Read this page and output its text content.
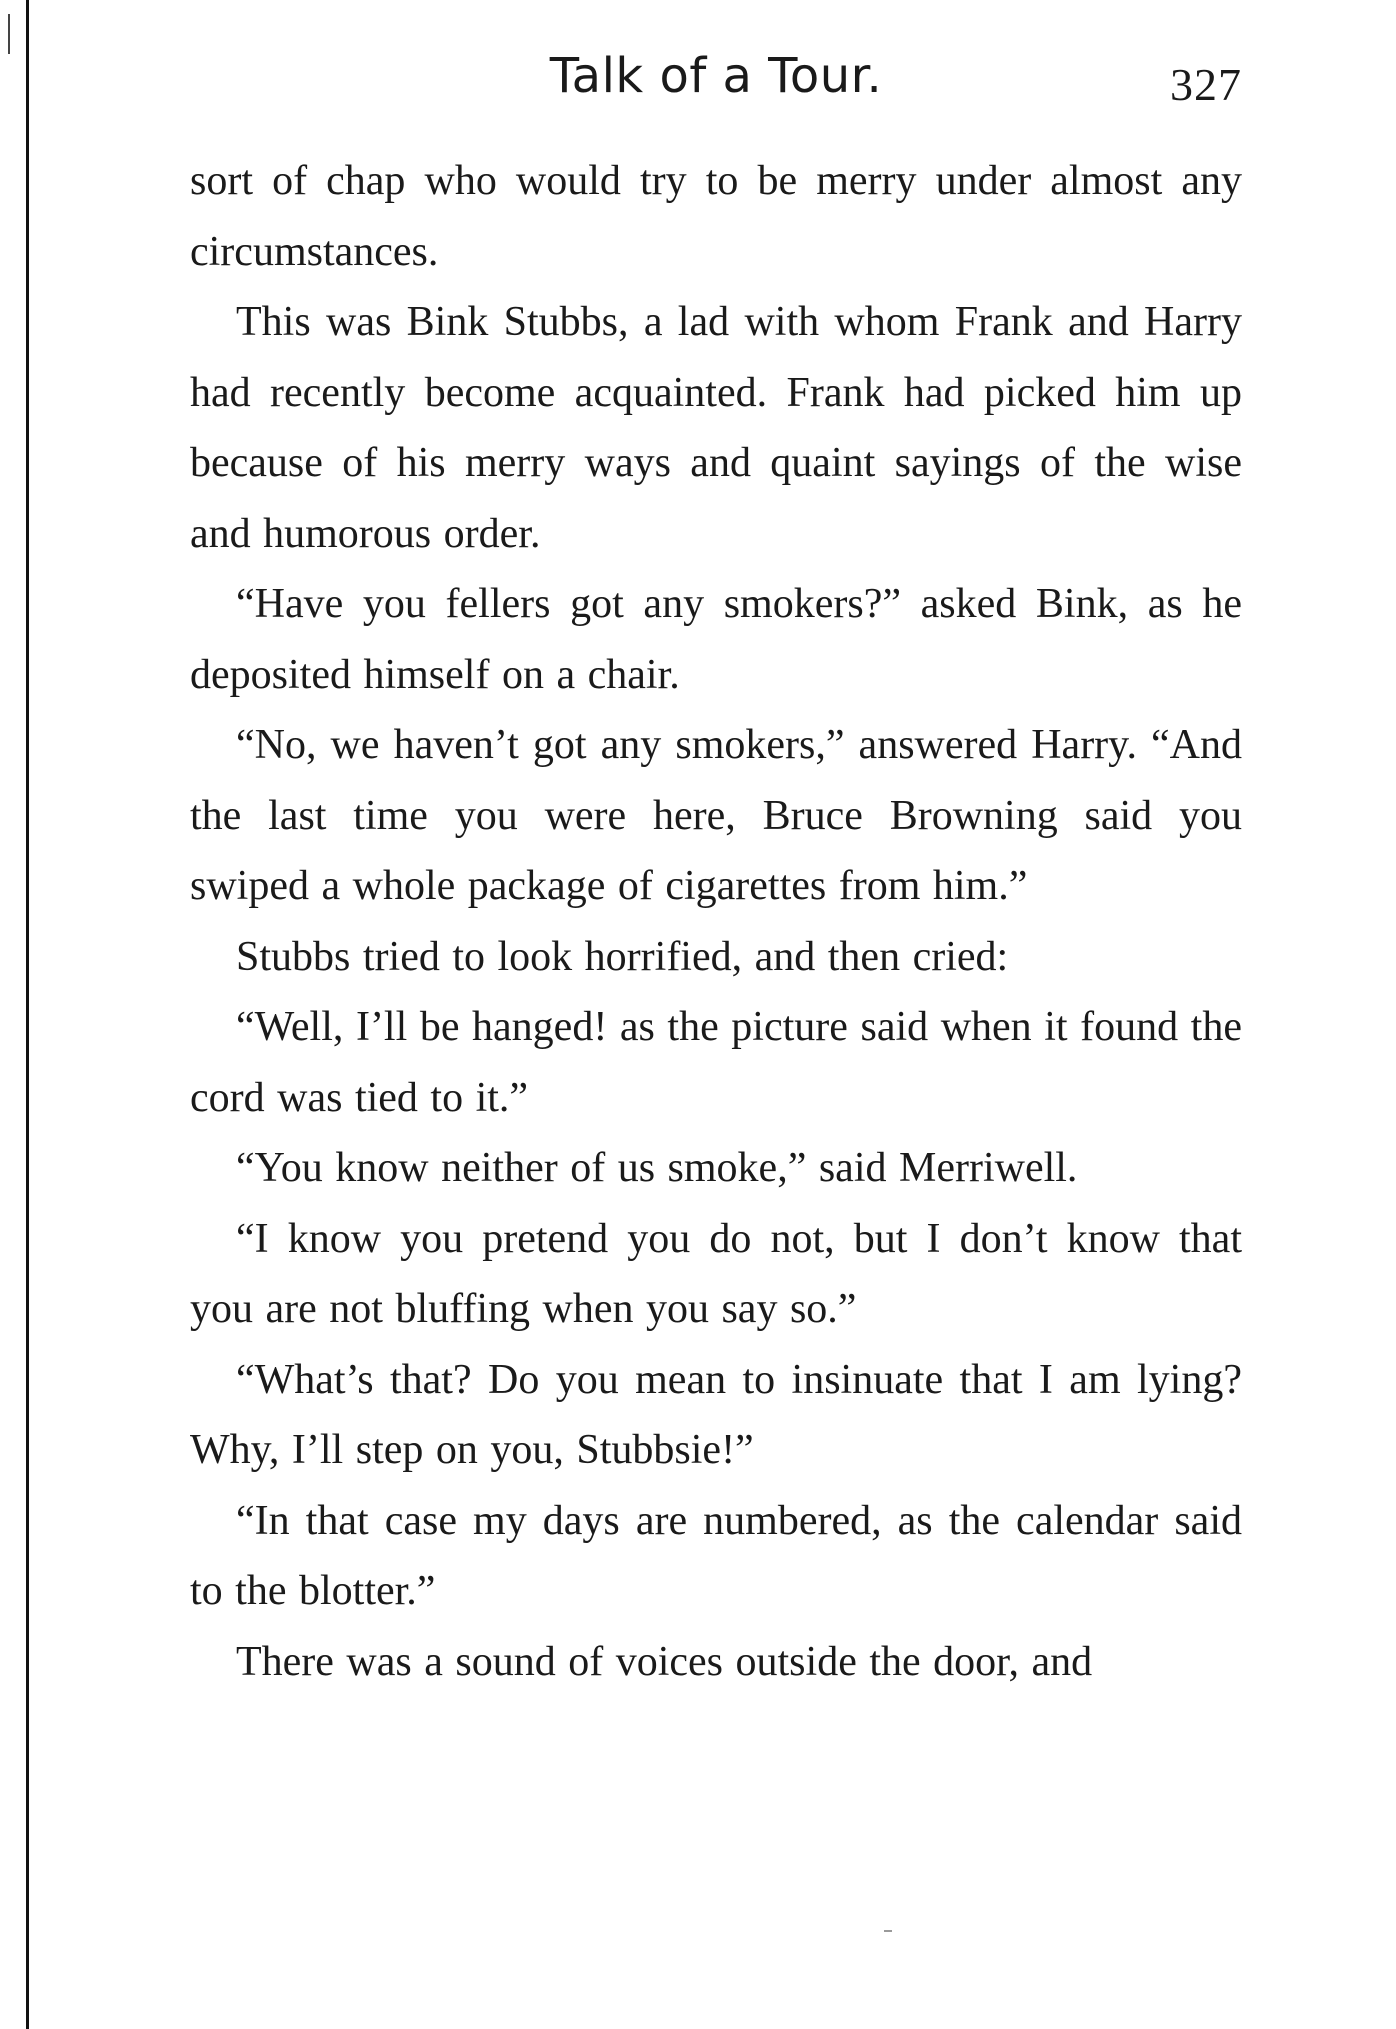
Talk of a Tour.	327

sort of chap who would try to be merry under almost any circumstances.

This was Bink Stubbs, a lad with whom Frank and Harry had recently become acquainted. Frank had picked him up because of his merry ways and quaint sayings of the wise and humorous order.

“Have you fellers got any smokers?” asked Bink, as he deposited himself on a chair.

“No, we haven’t got any smokers,” answered Harry. “And the last time you were here, Bruce Browning said you swiped a whole package of cigarettes from him.”

Stubbs tried to look horrified, and then cried:

“Well, I’ll be hanged! as the picture said when it found the cord was tied to it.”

“You know neither of us smoke,” said Merriwell.

“I know you pretend you do not, but I don’t know that you are not bluffing when you say so.”

“What’s that? Do you mean to insinuate that I am lying? Why, I’ll step on you, Stubbsie!”

“In that case my days are numbered, as the calendar said to the blotter.”

There was a sound of voices outside the door, and
